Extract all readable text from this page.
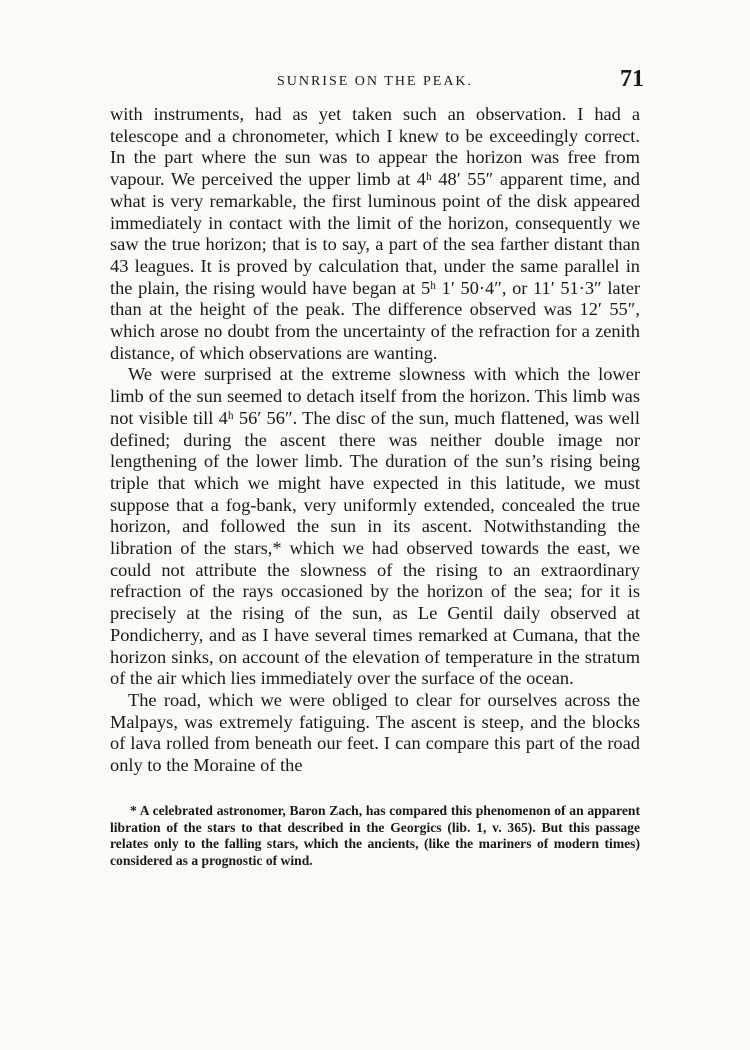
SUNRISE ON THE PEAK.	71

with instruments, had as yet taken such an observation. I had a telescope and a chronometer, which I knew to be exceedingly correct. In the part where the sun was to appear the horizon was free from vapour. We perceived the upper limb at 4ʰ 48′ 55″ apparent time, and what is very remarkable, the first luminous point of the disk appeared immediately in contact with the limit of the horizon, consequently we saw the true horizon; that is to say, a part of the sea farther distant than 43 leagues. It is proved by calculation that, under the same parallel in the plain, the rising would have began at 5ʰ 1′ 50·4″, or 11′ 51·3″ later than at the height of the peak. The difference observed was 12′ 55″, which arose no doubt from the uncertainty of the refraction for a zenith distance, of which observations are wanting.

We were surprised at the extreme slowness with which the lower limb of the sun seemed to detach itself from the horizon. This limb was not visible till 4ʰ 56′ 56″. The disc of the sun, much flattened, was well defined; during the ascent there was neither double image nor lengthening of the lower limb. The duration of the sun’s rising being triple that which we might have expected in this latitude, we must suppose that a fog-bank, very uniformly extended, concealed the true horizon, and followed the sun in its ascent. Notwithstanding the libration of the stars,* which we had observed towards the east, we could not attribute the slowness of the rising to an extraordinary refraction of the rays occasioned by the horizon of the sea; for it is precisely at the rising of the sun, as Le Gentil daily observed at Pondicherry, and as I have several times remarked at Cumana, that the horizon sinks, on account of the elevation of temperature in the stratum of the air which lies immediately over the surface of the ocean.

The road, which we were obliged to clear for ourselves across the Malpays, was extremely fatiguing. The ascent is steep, and the blocks of lava rolled from beneath our feet. I can compare this part of the road only to the Moraine of the

* A celebrated astronomer, Baron Zach, has compared this phenomenon of an apparent libration of the stars to that described in the Georgics (lib. 1, v. 365). But this passage relates only to the falling stars, which the ancients, (like the mariners of modern times) considered as a prognostic of wind.
